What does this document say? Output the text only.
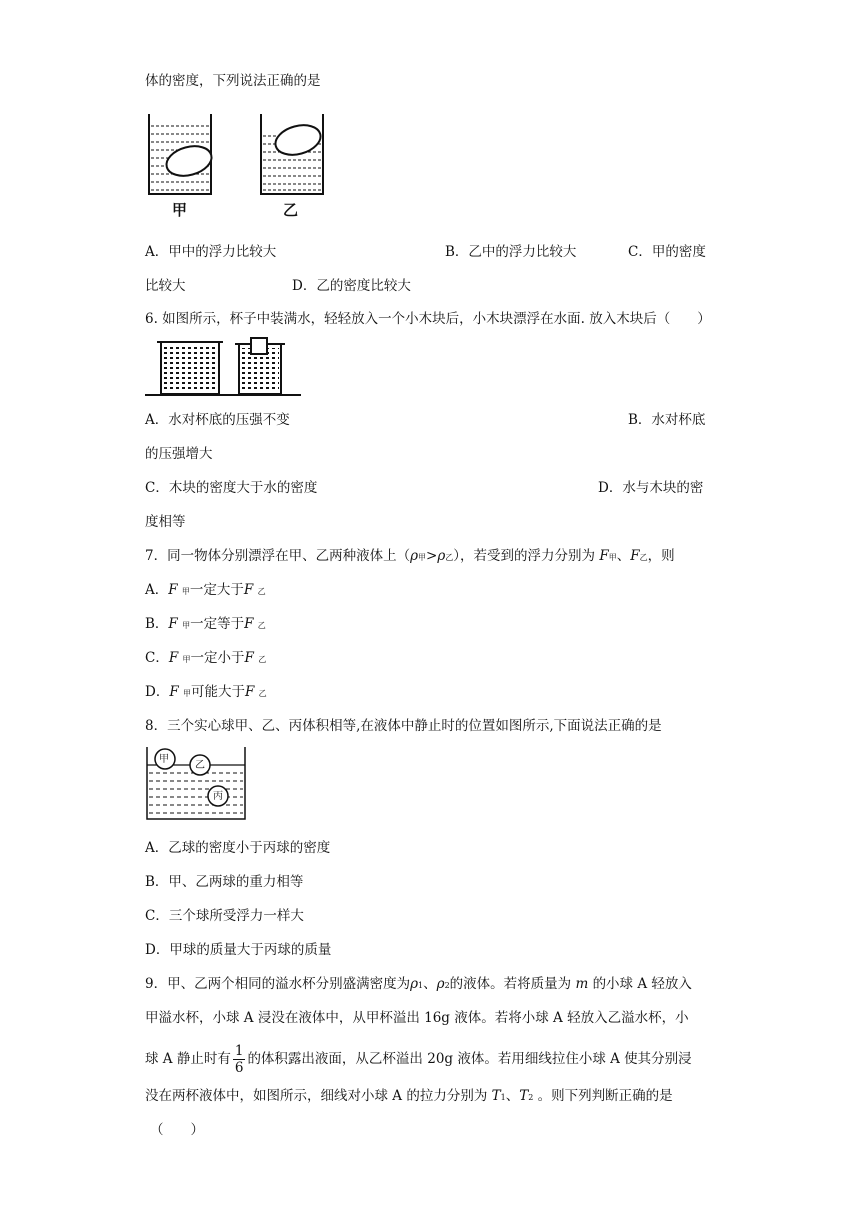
体的密度，下列说法正确的是
甲	乙
A．甲中的浮力比较大	B．乙中的浮力比较大	C．甲的密度
比较大	D．乙的密度比较大
6. 如图所示，杯子中装满水，轻轻放入一个小木块后，小木块漂浮在水面. 放入木块后（　　）
A．水对杯底的压强不变	B．水对杯底
的压强增大
C．木块的密度大于水的密度	D．水与木块的密
度相等
7．同一物体分别漂浮在甲、乙两种液体上（ρ甲>ρ乙），若受到的浮力分别为 F甲、F乙，则
A．F 甲一定大于F 乙
B．F 甲一定等于F 乙
C．F 甲一定小于F 乙
D．F 甲可能大于F 乙
8．三个实心球甲、乙、丙体积相等,在液体中静止时的位置如图所示,下面说法正确的是
甲
乙
丙
A．乙球的密度小于丙球的密度
B．甲、乙两球的重力相等
C．三个球所受浮力一样大
D．甲球的质量大于丙球的质量
9．甲、乙两个相同的溢水杯分别盛满密度为ρ1、ρ2的液体。若将质量为 m 的小球 A 轻放入
甲溢水杯，小球 A 浸没在液体中，从甲杯溢出 16g 液体。若将小球 A 轻放入乙溢水杯，小
球 A 静止时有 $\frac{1}{6}$ 的体积露出液面，从乙杯溢出 20g 液体。若用细线拉住小球 A 使其分别浸
没在两杯液体中，如图所示，细线对小球 A 的拉力分别为 T1、T2 。则下列判断正确的是
（　　）
